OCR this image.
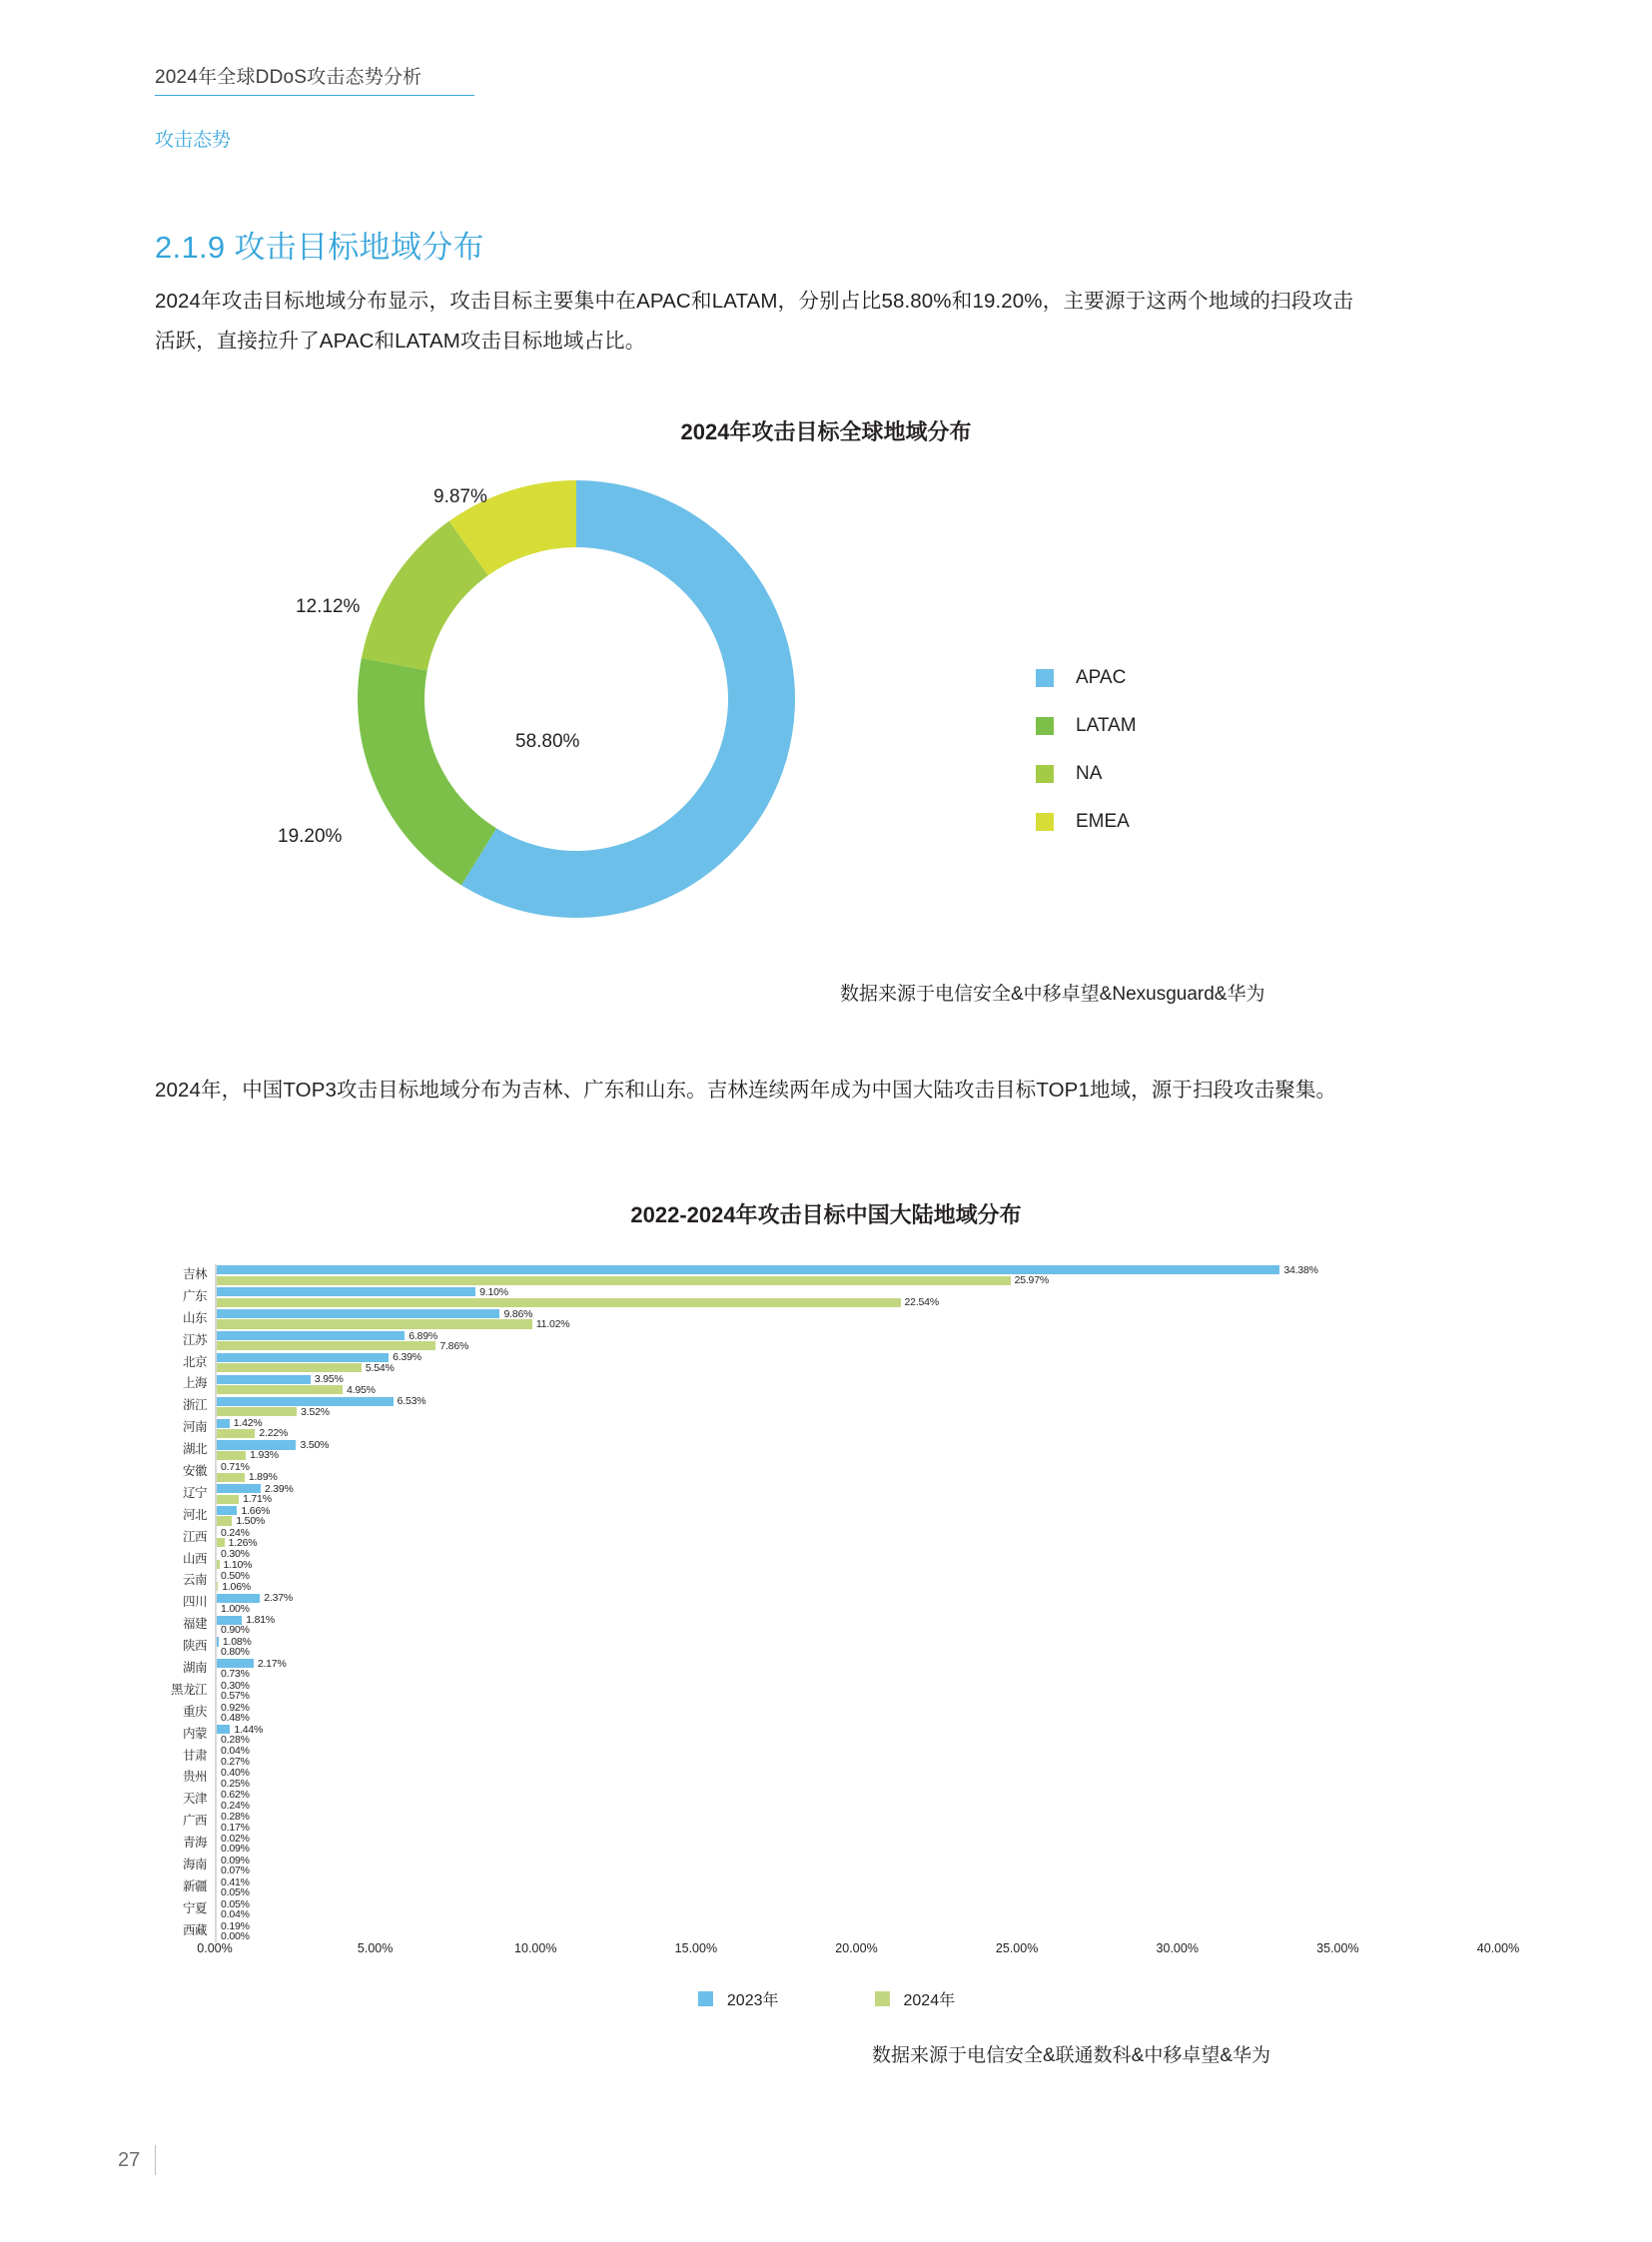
2024年全球DDoS攻击态势分析
攻击态势
2.1.9 攻击目标地域分布
2024年攻击目标地域分布显示，攻击目标主要集中在APAC和LATAM，分别占比58.80%和19.20%，主要源于这两个地域的扫段攻击活跃，直接拉升了APAC和LATAM攻击目标地域占比。
2024年攻击目标全球地域分布
58.80%
19.20%
12.12%
9.87%
APAC
LATAM
NA
EMEA
数据来源于电信安全&中移卓望&Nexusguard&华为
2024年，中国TOP3攻击目标地域分布为吉林、广东和山东。吉林连续两年成为中国大陆攻击目标TOP1地域，源于扫段攻击聚集。
2022-2024年攻击目标中国大陆地域分布
吉林	34.38%
25.97%
广东	9.10%
22.54%
山东	9.86%
11.02%
江苏	6.89%
7.86%
北京	6.39%
5.54%
上海	3.95%
4.95%
浙江	6.53%
3.52%
河南	1.42%
2.22%
湖北	3.50%
1.93%
安徽	0.71%
1.89%
辽宁	2.39%
1.71%
河北	1.66%
1.50%
江西	0.24%
1.26%
山西	0.30%
1.10%
云南	0.50%
1.06%
四川	2.37%
1.00%
福建	1.81%
0.90%
陕西	1.08%
0.80%
湖南	2.17%
0.73%
黑龙江	0.30%
0.57%
重庆	0.92%
0.48%
内蒙	1.44%
0.28%
甘肃	0.04%
0.27%
贵州	0.40%
0.25%
天津	0.62%
0.24%
广西	0.28%
0.17%
青海	0.02%
0.09%
海南	0.09%
0.07%
新疆	0.41%
0.05%
宁夏	0.05%
0.04%
西藏	0.19%
0.00%
0.00%	5.00%	10.00%	15.00%	20.00%	25.00%	30.00%	35.00%	40.00%
2023年	2024年
数据来源于电信安全&联通数科&中移卓望&华为
27
